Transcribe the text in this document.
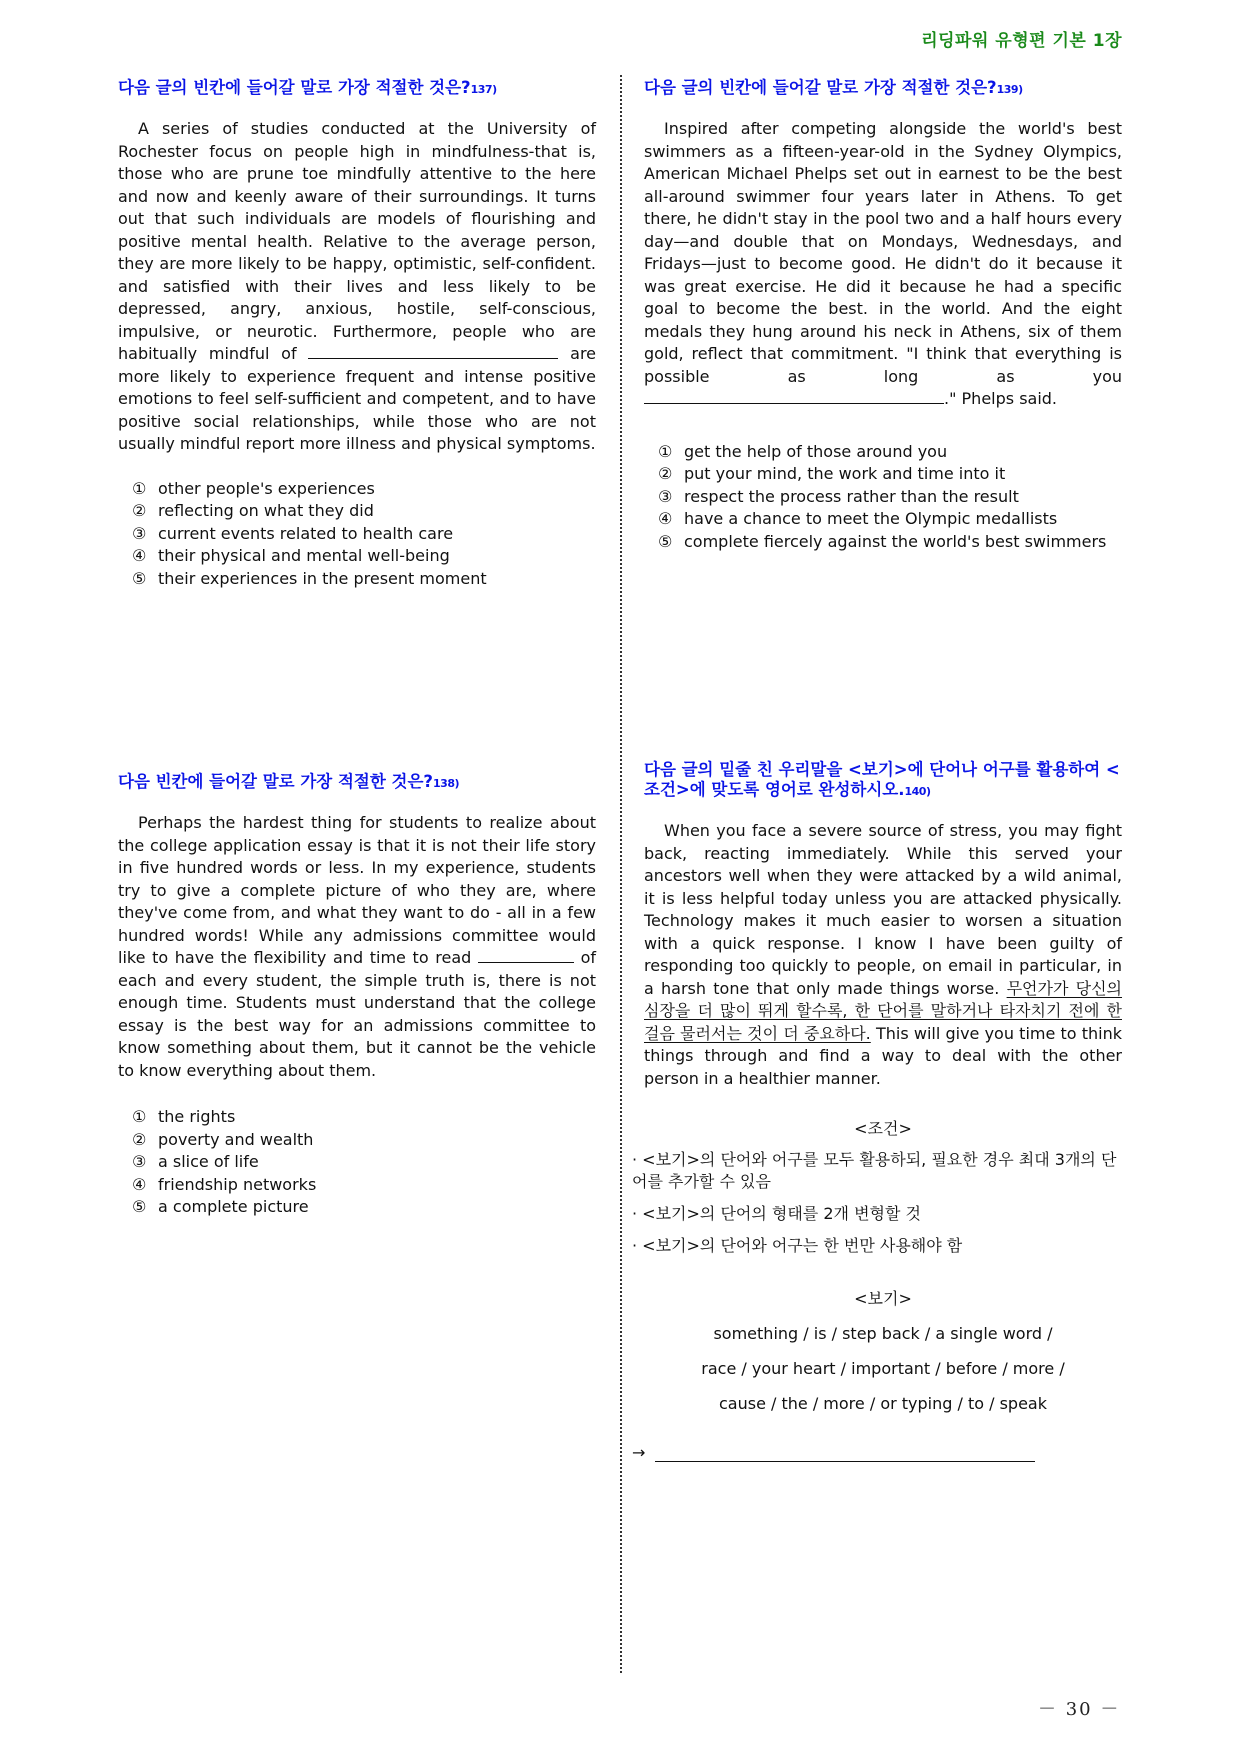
리딩파워 유형편 기본 1장

다음 글의 빈칸에 들어갈 말로 가장 적절한 것은?137)

A series of studies conducted at the University of Rochester focus on people high in mindfulness-that is, those who are prune toe mindfully attentive to the here and now and keenly aware of their surroundings. It turns out that such individuals are models of flourishing and positive mental health. Relative to the average person, they are more likely to be happy, optimistic, self-confident. and satisfied with their lives and less likely to be depressed, angry, anxious, hostile, self-conscious, impulsive, or neurotic. Furthermore, people who are habitually mindful of	are more likely to experience frequent and intense positive emotions to feel self-sufficient and competent, and to have positive social relationships, while those who are not usually mindful report more illness and physical symptoms.

① other people's experiences
② reflecting on what they did
③ current events related to health care
④ their physical and mental well-being
⑤ their experiences in the present moment

다음 빈칸에 들어갈 말로 가장 적절한 것은?138)

Perhaps the hardest thing for students to realize about the college application essay is that it is not their life story in five hundred words or less. In my experience, students try to give a complete picture of who they are, where they've come from, and what they want to do - all in a few hundred words! While any admissions committee would like to have the flexibility and time to read	of each and every student, the simple truth is, there is not enough time. Students must understand that the college essay is the best way for an admissions committee to know something about them, but it cannot be the vehicle to know everything about them.

① the rights
② poverty and wealth
③ a slice of life
④ friendship networks
⑤ a complete picture

다음 글의 빈칸에 들어갈 말로 가장 적절한 것은?139)

Inspired after competing alongside the world's best swimmers as a fifteen-year-old in the Sydney Olympics, American Michael Phelps set out in earnest to be the best all-around swimmer four years later in Athens. To get there, he didn't stay in the pool two and a half hours every day—and double that on Mondays, Wednesdays, and Fridays—just to become good. He didn't do it because it was great exercise. He did it because he had a specific goal to become the best. in the world. And the eight medals they hung around his neck in Athens, six of them gold, reflect that commitment. "I think that everything is possible as long as you ." Phelps said.

① get the help of those around you
② put your mind, the work and time into it
③ respect the process rather than the result
④ have a chance to meet the Olympic medallists
⑤ complete fiercely against the world's best swimmers

다음 글의 밑줄 친 우리말을 <보기>에 단어나 어구를 활용하여 <조건>에 맞도록 영어로 완성하시오.140)

When you face a severe source of stress, you may fight back, reacting immediately. While this served your ancestors well when they were attacked by a wild animal, it is less helpful today unless you are attacked physically. Technology makes it much easier to worsen a situation with a quick response. I know I have been guilty of responding too quickly to people, on email in particular, in a harsh tone that only made things worse. 무언가가 당신의 심장을 더 많이 뛰게 할수록, 한 단어를 말하거나 타자치기 전에 한 걸음 물러서는 것이 더 중요하다. This will give you time to think things through and find a way to deal with the other person in a healthier manner.

<조건>

· <보기>의 단어와 어구를 모두 활용하되, 필요한 경우 최대 3개의 단어를 추가할 수 있음

· <보기>의 단어의 형태를 2개 변형할 것

· <보기>의 단어와 어구는 한 번만 사용해야 함

<보기>

something / is / step back / a single word /

race / your heart / important / before / more /

cause / the / more / or typing / to / speak

→
－ 30 －
